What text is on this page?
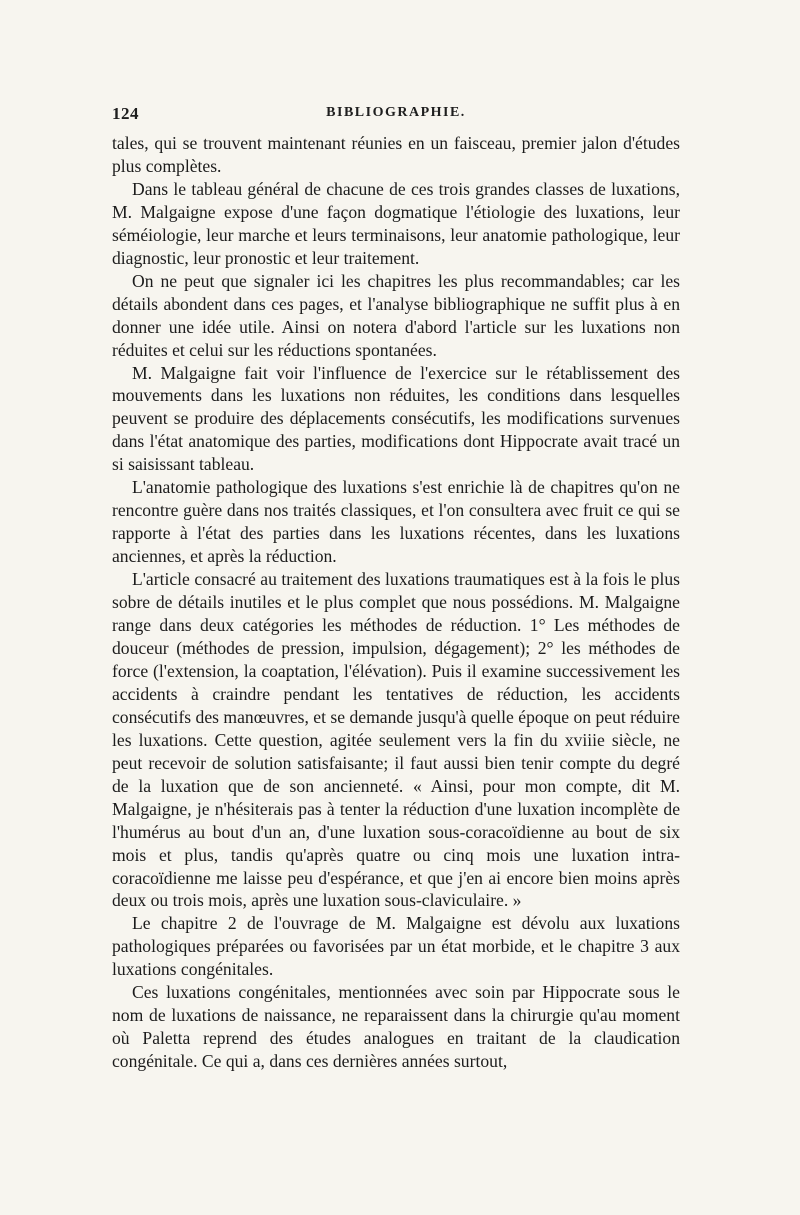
124	BIBLIOGRAPHIE.

tales, qui se trouvent maintenant réunies en un faisceau, premier jalon d'études plus complètes.

Dans le tableau général de chacune de ces trois grandes classes de luxations, M. Malgaigne expose d'une façon dogmatique l'étiologie des luxations, leur séméiologie, leur marche et leurs terminaisons, leur anatomie pathologique, leur diagnostic, leur pronostic et leur traitement.

On ne peut que signaler ici les chapitres les plus recommandables; car les détails abondent dans ces pages, et l'analyse bibliographique ne suffit plus à en donner une idée utile. Ainsi on notera d'abord l'article sur les luxations non réduites et celui sur les réductions spontanées.

M. Malgaigne fait voir l'influence de l'exercice sur le rétablissement des mouvements dans les luxations non réduites, les conditions dans lesquelles peuvent se produire des déplacements consécutifs, les modifications survenues dans l'état anatomique des parties, modifications dont Hippocrate avait tracé un si saisissant tableau.

L'anatomie pathologique des luxations s'est enrichie là de chapitres qu'on ne rencontre guère dans nos traités classiques, et l'on consultera avec fruit ce qui se rapporte à l'état des parties dans les luxations récentes, dans les luxations anciennes, et après la réduction.

L'article consacré au traitement des luxations traumatiques est à la fois le plus sobre de détails inutiles et le plus complet que nous possédions. M. Malgaigne range dans deux catégories les méthodes de réduction. 1° Les méthodes de douceur (méthodes de pression, impulsion, dégagement); 2° les méthodes de force (l'extension, la coaptation, l'élévation). Puis il examine successivement les accidents à craindre pendant les tentatives de réduction, les accidents consécutifs des manœuvres, et se demande jusqu'à quelle époque on peut réduire les luxations. Cette question, agitée seulement vers la fin du xviiie siècle, ne peut recevoir de solution satisfaisante; il faut aussi bien tenir compte du degré de la luxation que de son ancienneté. « Ainsi, pour mon compte, dit M. Malgaigne, je n'hésiterais pas à tenter la réduction d'une luxation incomplète de l'humérus au bout d'un an, d'une luxation sous-coracoïdienne au bout de six mois et plus, tandis qu'après quatre ou cinq mois une luxation intra-coracoïdienne me laisse peu d'espérance, et que j'en ai encore bien moins après deux ou trois mois, après une luxation sous-claviculaire. »

Le chapitre 2 de l'ouvrage de M. Malgaigne est dévolu aux luxations pathologiques préparées ou favorisées par un état morbide, et le chapitre 3 aux luxations congénitales.

Ces luxations congénitales, mentionnées avec soin par Hippocrate sous le nom de luxations de naissance, ne reparaissent dans la chirurgie qu'au moment où Paletta reprend des études analogues en traitant de la claudication congénitale. Ce qui a, dans ces dernières années surtout,
